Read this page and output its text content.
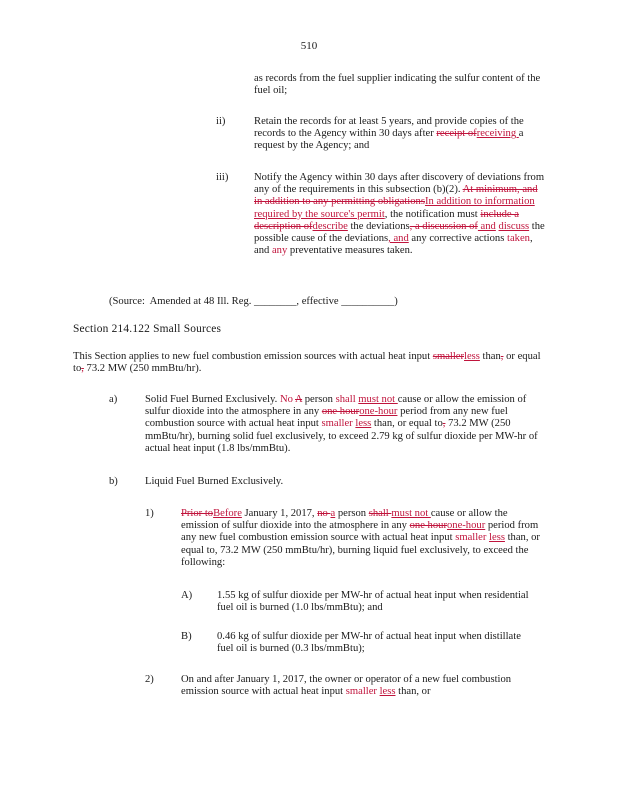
510
as records from the fuel supplier indicating the sulfur content of the fuel oil;
ii)	Retain the records for at least 5 years, and provide copies of the records to the Agency within 30 days after receipt ofreceiving a request by the Agency; and
iii) Notify the Agency within 30 days after discovery of deviations from any of the requirements in this subsection (b)(2). At minimum, and in addition to any permitting obligationsIn addition to information required by the source's permit, the notification must include a description ofdescribe the deviations, a discussion of and discuss the possible cause of the deviations, and any corrective actions taken, and any preventative measures taken.
(Source:  Amended at 48 Ill. Reg. ________, effective __________)
Section 214.122 Small Sources
This Section applies to new fuel combustion emission sources with actual heat input smallerless than, or equal to, 73.2 MW (250 mmBtu/hr).
a)	Solid Fuel Burned Exclusively. No A person shall must not cause or allow the emission of sulfur dioxide into the atmosphere in any one hourone-hour period from any new fuel combustion source with actual heat input smaller less than, or equal to, 73.2 MW (250 mmBtu/hr), burning solid fuel exclusively, to exceed 2.79 kg of sulfur dioxide per MW-hr of actual heat input (1.8 lbs/mmBtu).
b)	Liquid Fuel Burned Exclusively.
1)	Prior toBefore January 1, 2017, no a person shall must not cause or allow the emission of sulfur dioxide into the atmosphere in any one hourone-hour period from any new fuel combustion emission source with actual heat input smaller less than, or equal to, 73.2 MW (250 mmBtu/hr), burning liquid fuel exclusively, to exceed the following:
A) 1.55 kg of sulfur dioxide per MW-hr of actual heat input when residential fuel oil is burned (1.0 lbs/mmBtu); and
B) 0.46 kg of sulfur dioxide per MW-hr of actual heat input when distillate fuel oil is burned (0.3 lbs/mmBtu);
2)	On and after January 1, 2017, the owner or operator of a new fuel combustion emission source with actual heat input smaller less than, or
